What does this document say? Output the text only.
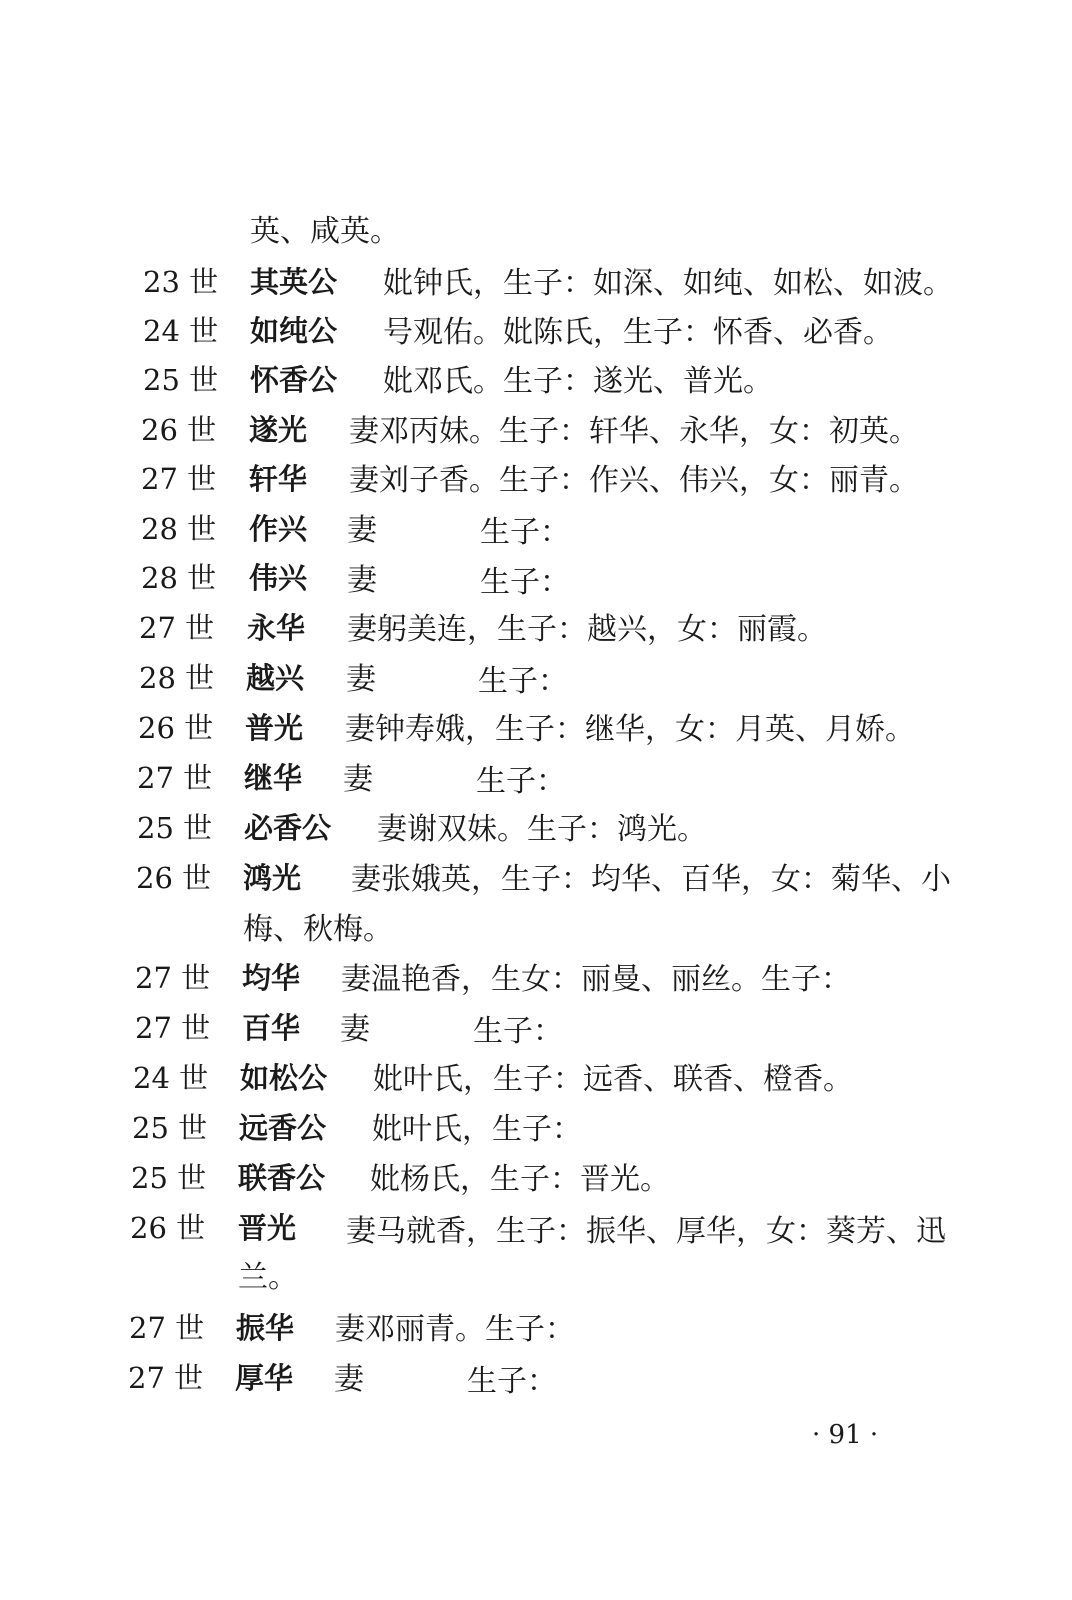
英、咸英。
23 世 其英公 妣钟氏，生子：如深、如纯、如松、如波。
24 世 如纯公 号观佑。妣陈氏，生子：怀香、必香。
25 世 怀香公 妣邓氏。生子：遂光、普光。
26 世 遂光 妻邓丙妹。生子：轩华、永华，女：初英。
27 世 轩华 妻刘子香。生子：作兴、伟兴，女：丽青。
28 世 作兴 妻	生子：
28 世 伟兴 妻	生子：
27 世 永华 妻躬美连，生子：越兴，女：丽霞。
28 世 越兴 妻	生子：
26 世 普光 妻钟寿娥，生子：继华，女：月英、月娇。
27 世 继华 妻	生子：
25 世 必香公 妻谢双妹。生子：鸿光。
26 世 鸿光 妻张娥英，生子：均华、百华，女：菊华、小
梅、秋梅。
27 世 均华 妻温艳香，生女：丽曼、丽丝。生子：
27 世 百华 妻	生子：
24 世 如松公 妣叶氏，生子：远香、联香、橙香。
25 世 远香公 妣叶氏，生子：
25 世 联香公 妣杨氏，生子：晋光。
26 世 晋光 妻马就香，生子：振华、厚华，女：葵芳、迅
兰。
27 世 振华 妻邓丽青。生子：
27 世 厚华 妻	生子：
· 91 ·
